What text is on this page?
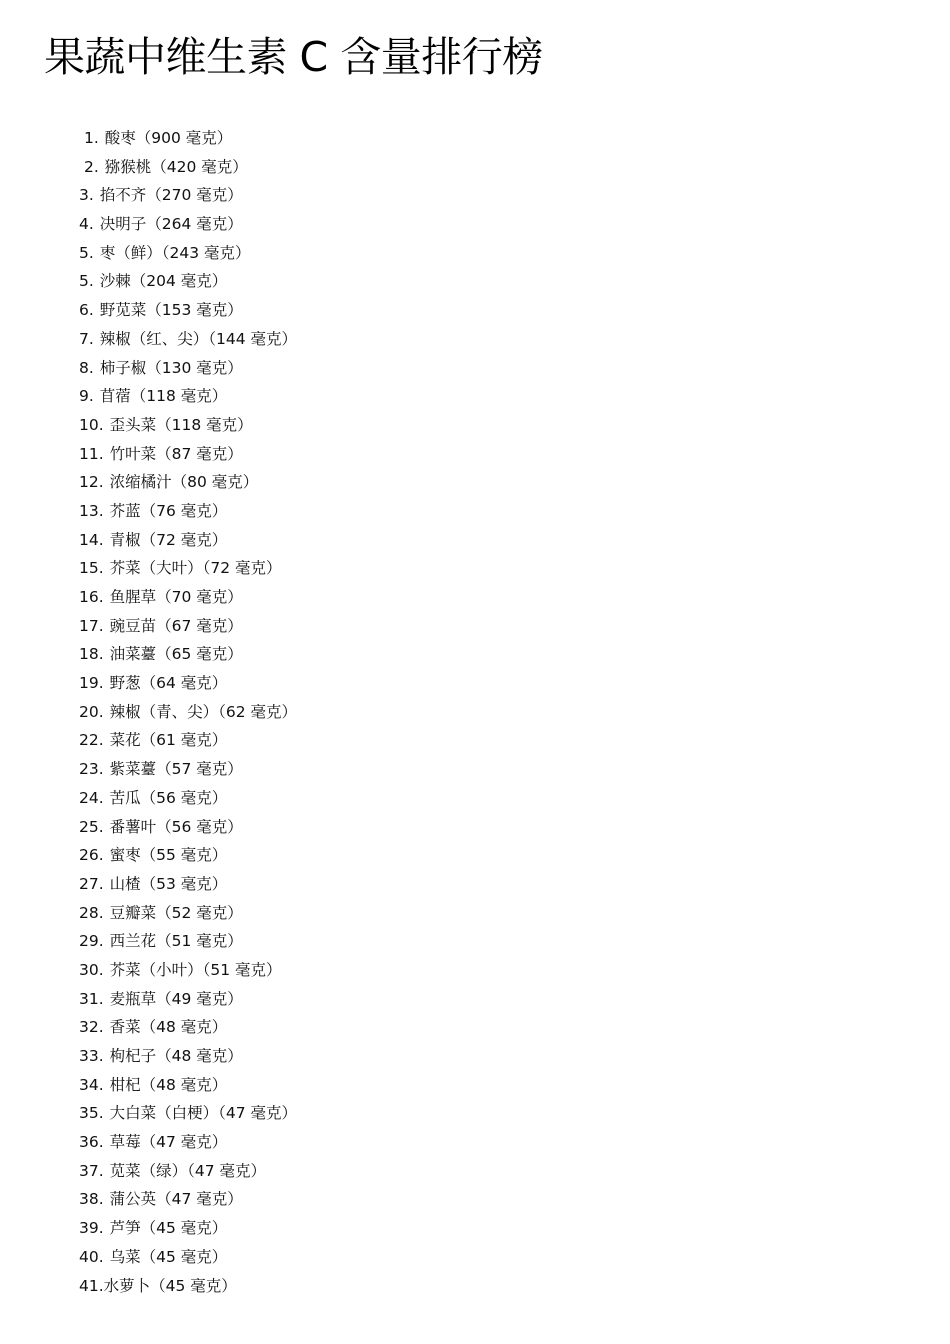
果蔬中维生素 C 含量排行榜
1. 酸枣（900 毫克）
2. 猕猴桃（420 毫克）
3. 掐不齐（270 毫克）
4. 决明子（264 毫克）
5. 枣（鲜）（243 毫克）
5. 沙棘（204 毫克）
6. 野苋菜（153 毫克）
7. 辣椒（红、尖）（144 毫克）
8. 柿子椒（130 毫克）
9. 苜蓿（118 毫克）
10. 歪头菜（118 毫克）
11. 竹叶菜（87 毫克）
12. 浓缩橘汁（80 毫克）
13. 芥蓝（76 毫克）
14. 青椒（72 毫克）
15. 芥菜（大叶）（72 毫克）
16. 鱼腥草（70 毫克）
17. 豌豆苗（67 毫克）
18. 油菜薹（65 毫克）
19. 野葱（64 毫克）
20. 辣椒（青、尖）（62 毫克）
22. 菜花（61 毫克）
23. 紫菜薹（57 毫克）
24. 苦瓜（56 毫克）
25. 番薯叶（56 毫克）
26. 蜜枣（55 毫克）
27. 山楂（53 毫克）
28. 豆瓣菜（52 毫克）
29. 西兰花（51 毫克）
30. 芥菜（小叶）（51 毫克）
31. 麦瓶草（49 毫克）
32. 香菜（48 毫克）
33. 枸杞子（48 毫克）
34. 柑杞（48 毫克）
35. 大白菜（白梗）（47 毫克）
36. 草莓（47 毫克）
37. 苋菜（绿）（47 毫克）
38. 蒲公英（47 毫克）
39. 芦笋（45 毫克）
40. 乌菜（45 毫克）
41.水萝卜（45 毫克）
